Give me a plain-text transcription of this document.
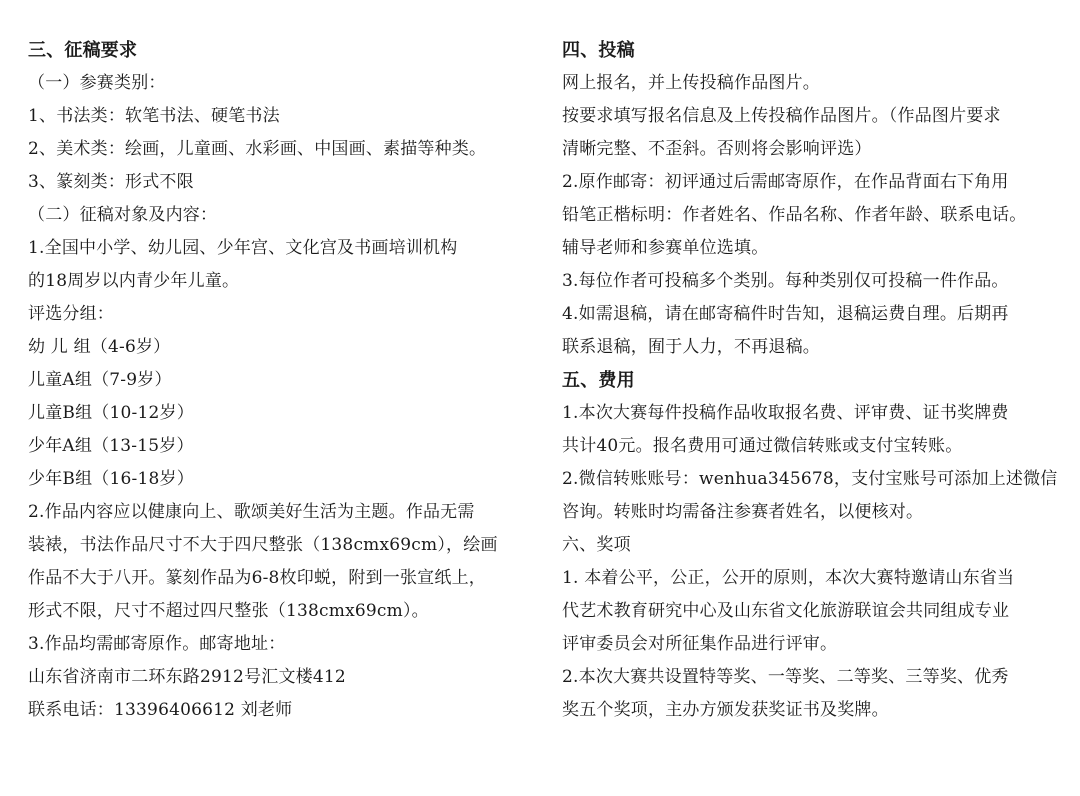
三、征稿要求
（一）参赛类别：
1、书法类：软笔书法、硬笔书法
2、美术类：绘画，儿童画、水彩画、中国画、素描等种类。
3、篆刻类：形式不限
（二）征稿对象及内容：
1.全国中小学、幼儿园、少年宫、文化宫及书画培训机构
的18周岁以内青少年儿童。
评选分组：
幼 儿 组（4-6岁）
儿童A组（7-9岁）
儿童B组（10-12岁）
少年A组（13-15岁）
少年B组（16-18岁）
2.作品内容应以健康向上、歌颂美好生活为主题。作品无需
装裱，书法作品尺寸不大于四尺整张（138cmx69cm），绘画
作品不大于八开。篆刻作品为6-8枚印蜕，附到一张宣纸上，
形式不限，尺寸不超过四尺整张（138cmx69cm）。
3.作品均需邮寄原作。邮寄地址：
山东省济南市二环东路2912号汇文楼412
联系电话：13396406612 刘老师
四、投稿
网上报名，并上传投稿作品图片。
按要求填写报名信息及上传投稿作品图片。（作品图片要求
清晰完整、不歪斜。否则将会影响评选）
2.原作邮寄：初评通过后需邮寄原作，在作品背面右下角用
铅笔正楷标明：作者姓名、作品名称、作者年龄、联系电话。
辅导老师和参赛单位选填。
3.每位作者可投稿多个类别。每种类别仅可投稿一件作品。
4.如需退稿，请在邮寄稿件时告知，退稿运费自理。后期再
联系退稿，囿于人力，不再退稿。
五、费用
1.本次大赛每件投稿作品收取报名费、评审费、证书奖牌费
共计40元。报名费用可通过微信转账或支付宝转账。
2.微信转账账号：wenhua345678，支付宝账号可添加上述微信
咨询。转账时均需备注参赛者姓名，以便核对。
六、奖项
1. 本着公平，公正，公开的原则，本次大赛特邀请山东省当
代艺术教育研究中心及山东省文化旅游联谊会共同组成专业
评审委员会对所征集作品进行评审。
2.本次大赛共设置特等奖、一等奖、二等奖、三等奖、优秀
奖五个奖项，主办方颁发获奖证书及奖牌。
